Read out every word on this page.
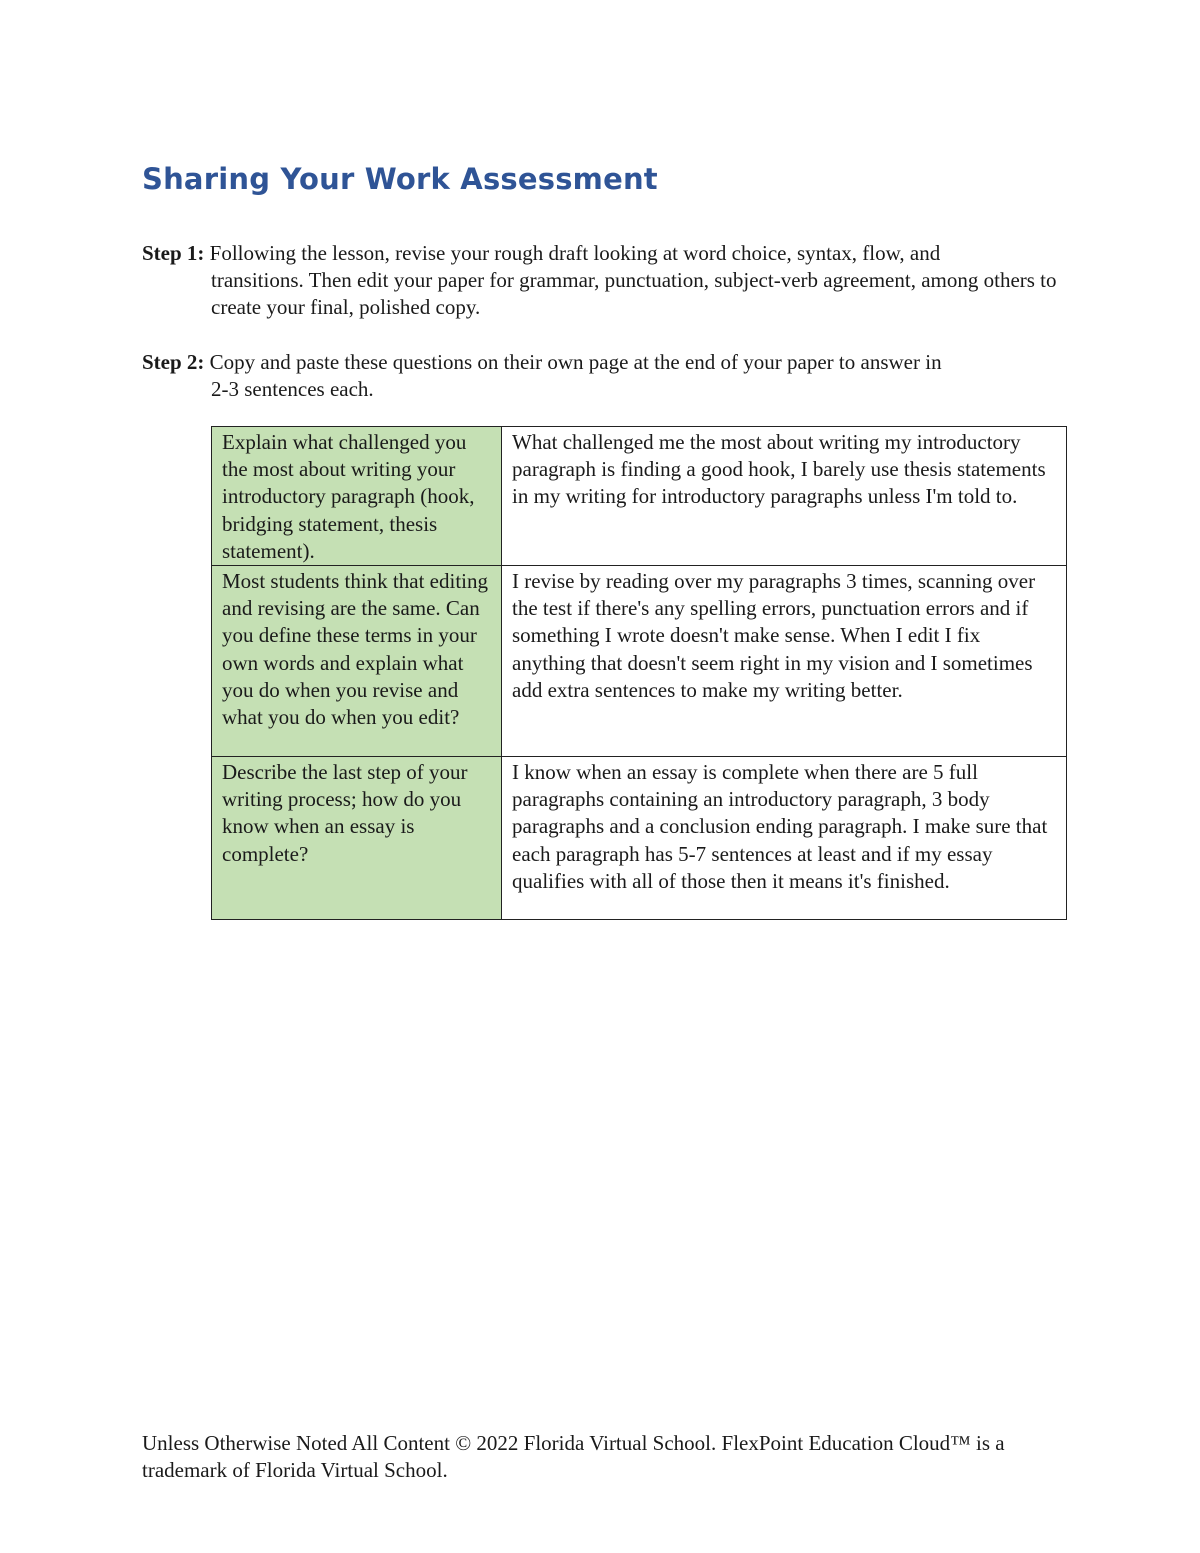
Sharing Your Work Assessment
Step 1: Following the lesson, revise your rough draft looking at word choice, syntax, flow, and
transitions. Then edit your paper for grammar, punctuation, subject-verb agreement, among others to create your final, polished copy.
Step 2: Copy and paste these questions on their own page at the end of your paper to answer in
2-3 sentences each.
Explain what challenged you the most about writing your introductory paragraph (hook, bridging statement, thesis statement).	What challenged me the most about writing my introductory paragraph is finding a good hook, I barely use thesis statements in my writing for introductory paragraphs unless I'm told to.
Most students think that editing and revising are the same. Can you define these terms in your own words and explain what you do when you revise and what you do when you edit?	I revise by reading over my paragraphs 3 times, scanning over the test if there's any spelling errors, punctuation errors and if something I wrote doesn't make sense. When I edit I fix anything that doesn't seem right in my vision and I sometimes add extra sentences to make my writing better.
Describe the last step of your writing process; how do you know when an essay is complete?	I know when an essay is complete when there are 5 full paragraphs containing an introductory paragraph, 3 body paragraphs and a conclusion ending paragraph. I make sure that each paragraph has 5-7 sentences at least and if my essay qualifies with all of those then it means it's finished.
Unless Otherwise Noted All Content © 2022 Florida Virtual School. FlexPoint Education Cloud™ is a trademark of Florida Virtual School.
